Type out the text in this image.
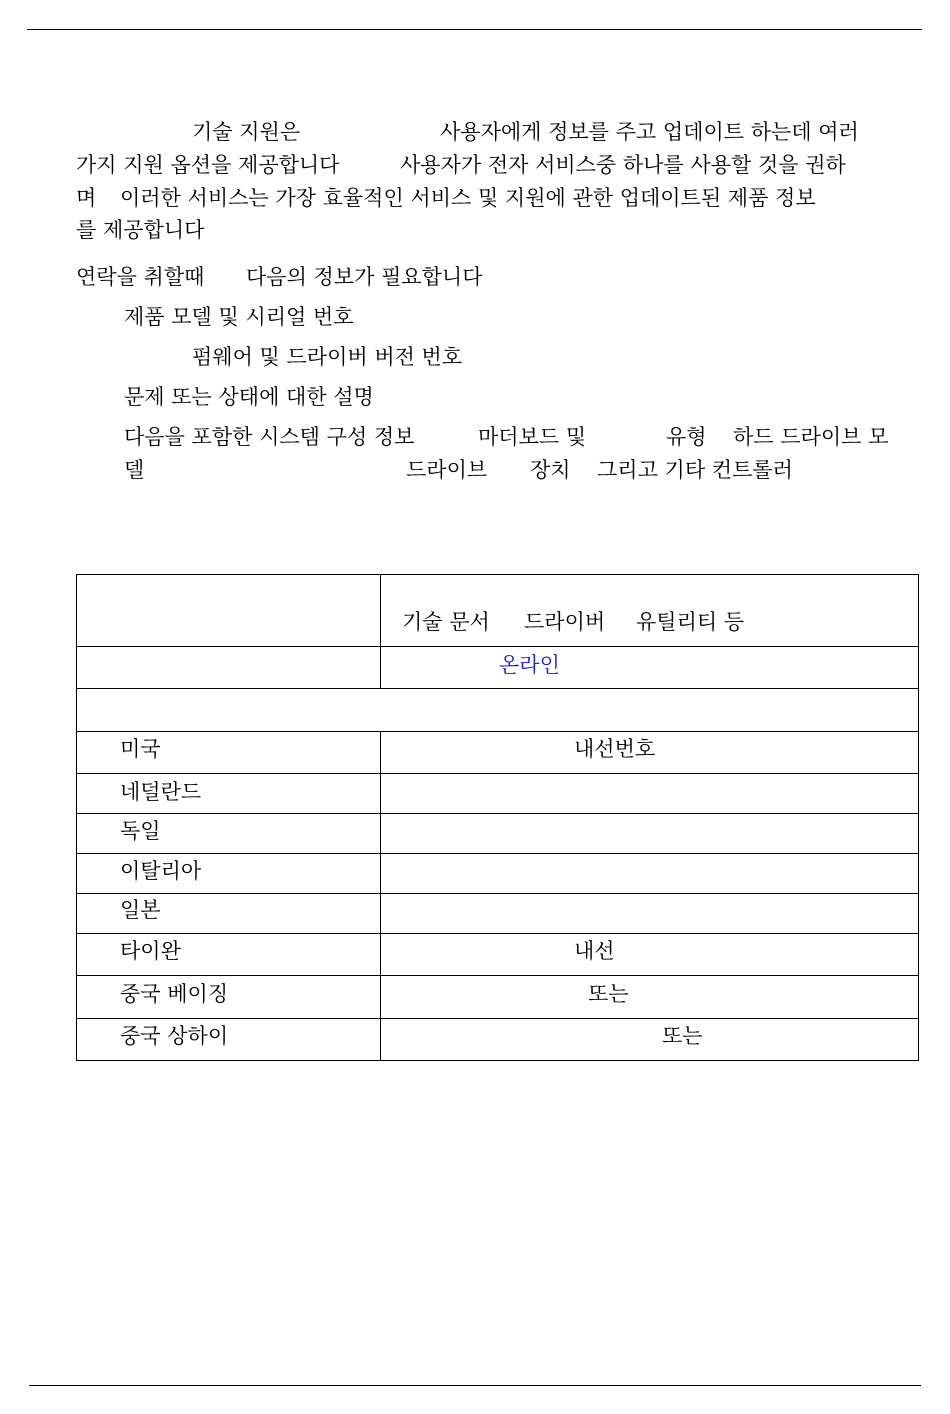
기술 지원은	사용자에게 정보를 주고 업데이트 하는데 여러
가지 지원 옵션을 제공합니다	사용자가 전자 서비스중 하나를 사용할 것을 권하
며 이러한 서비스는 가장 효율적인 서비스 및 지원에 관한 업데이트된 제품 정보
를 제공합니다
연락을 취할때 다음의 정보가 필요합니다
제품 모델 및 시리얼 번호
펌웨어 및 드라이버 버전 번호
문제 또는 상태에 대한 설명
다음을 포함한 시스템 구성 정보	마더보드 및	유형 하드 드라이브 모
델	드라이브 장치 그리고 기타 컨트롤러

	기술 문서 드라이버 유틸리티 등

	온라인

미국	내선번호

네덜란드	

독일	

이탈리아	

일본	

타이완	내선

중국 베이징	또는

중국 상하이	또는
